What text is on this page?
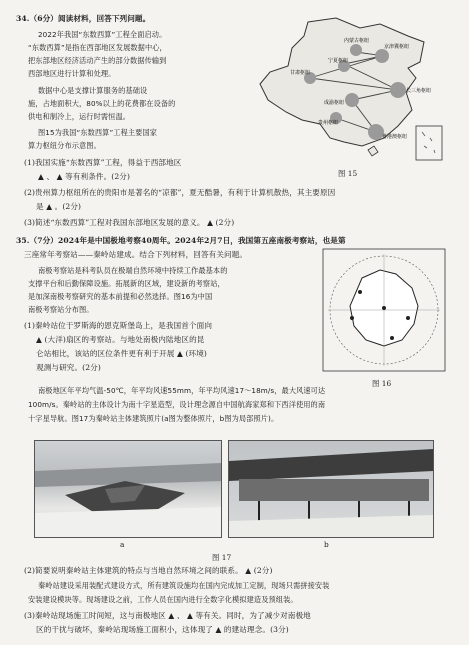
34.（6分）阅读材料，回答下列问题。
2022年我国“东数西算”工程全面启动。
“东数西算”是指在西部地区发展数据中心，
把东部地区经济活动产生的部分数据传输到
西部地区进行计算和处理。
数据中心是支撑计算服务的基础设
施，占地面积大，80%以上的花费都在设备的
供电和制冷上，运行时需恒温。
图15为我国“东数西算”工程主要国家
算力枢纽分布示意图。
内蒙古枢纽
宁夏枢纽
京津冀枢纽
甘肃枢纽
长三角枢纽
成渝枢纽
贵州枢纽
粤港澳枢纽
图 15
(1)我国实施“东数西算”工程，得益于西部地区
▲ 、 ▲ 等有利条件。(2分)
(2)贵州算力枢纽所在的贵阳市是著名的“凉都”，夏无酷暑，有利于计算机散热，其主要原因
是 ▲ 。(2分)
(3)简述“东数西算”工程对我国东部地区发展的意义。 ▲ (2分)
35.（7分）2024年是中国极地考察40周年。2024年2月7日，我国第五座南极考察站，也是第
三座常年考察站——秦岭站建成。结合下列材料，回答有关问题。
南极考察站是科考队员在极端自然环境中持续工作最基本的
支撑平台和后勤保障设施。拓展新的区域，建设新的考察站，
是加深南极考察研究的基本前提和必然选择。图16为中国
南极考察站分布图。
(1)秦岭站位于罗斯海的恩克斯堡岛上，是我国首个面向
▲ (大洋)扇区的考察站。与地处南极内陆地区的昆
仑站相比，该站的区位条件更有利于开展 ▲ (环境)
观测与研究。(2分)
图 16
南极地区年平均气温-50℃，年平均风速55mm，年平均风速17～18m/s，最大风速可达
100m/s。秦岭站的主体设计为南十字星造型，设计理念源自中国航海家郑和下西洋使用的南
十字星导航。图17为秦岭站主体建筑照片(a图为整体照片，b图为局部照片)。
a	b
图 17
(2)简要说明秦岭站主体建筑的特点与当地自然环境之间的联系。 ▲ (2分)
秦岭站建设采用装配式建设方式，所有建筑设施均在国内完成加工定制，现场只需拼接安装
安装建设模块等。现场建设之前，工作人员在国内进行全数字化模拟建造及预组装。
(3)秦岭站现场施工时间短，这与南极地区 ▲ 、 ▲ 等有关。同时，为了减少对南极地
区的干扰与破坏，秦岭站现场施工面积小，这体现了 ▲ 的建站理念。(3分)
